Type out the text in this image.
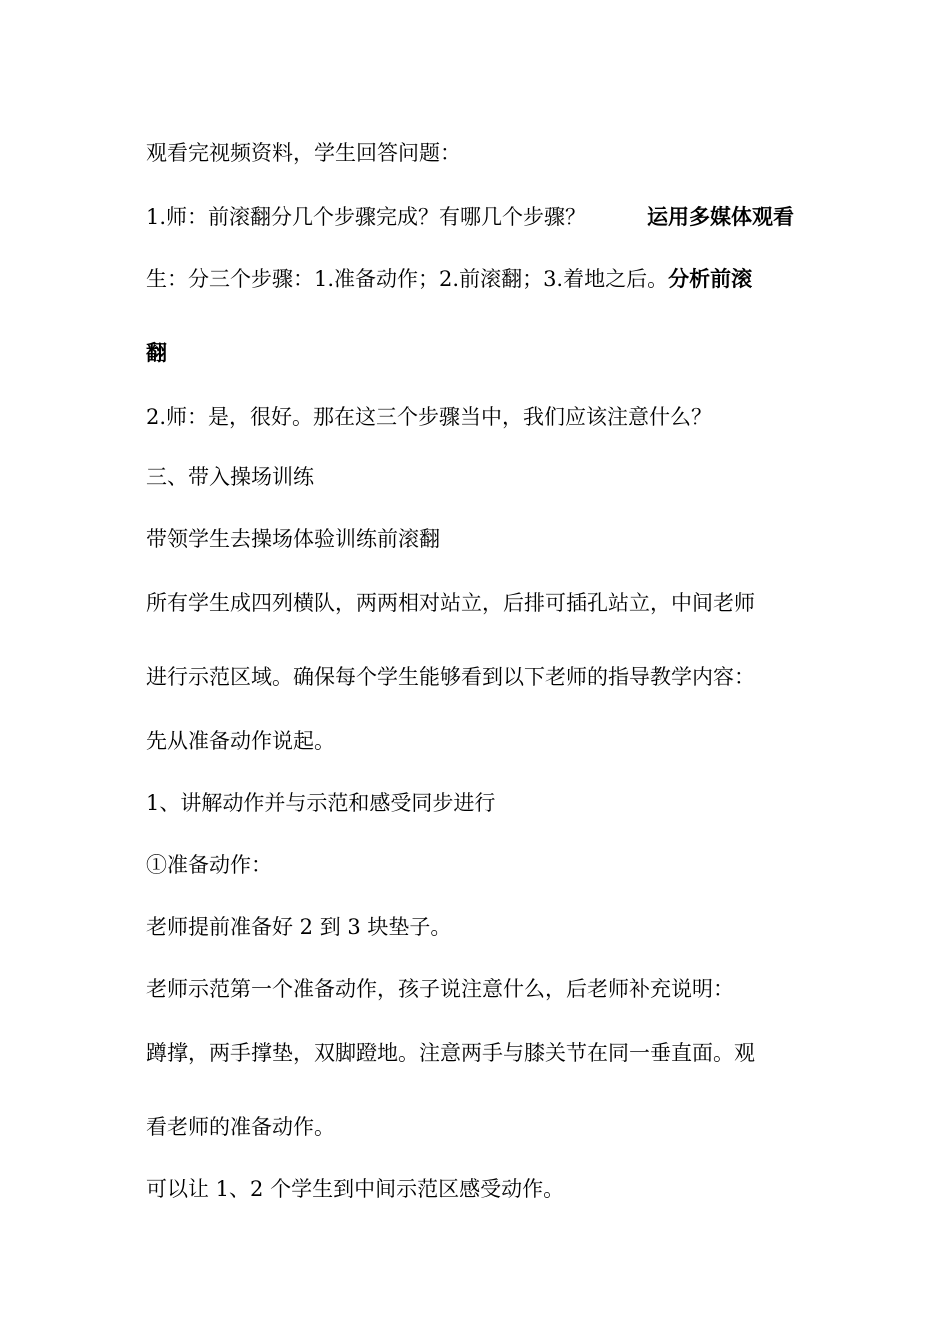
观看完视频资料，学生回答问题：
1.师：前滚翻分几个步骤完成？有哪几个步骤？	运用多媒体观看
生：分三个步骤：1.准备动作；2.前滚翻；3.着地之后。分析前滚
翻
2.师：是，很好。那在这三个步骤当中，我们应该注意什么？
三、带入操场训练
带领学生去操场体验训练前滚翻
所有学生成四列横队，两两相对站立，后排可插孔站立，中间老师
进行示范区域。确保每个学生能够看到以下老师的指导教学内容：
先从准备动作说起。
1、讲解动作并与示范和感受同步进行
①准备动作：
老师提前准备好 2 到 3 块垫子。
老师示范第一个准备动作，孩子说注意什么，后老师补充说明：
蹲撑，两手撑垫，双脚蹬地。注意两手与膝关节在同一垂直面。观
看老师的准备动作。
可以让 1、2 个学生到中间示范区感受动作。
